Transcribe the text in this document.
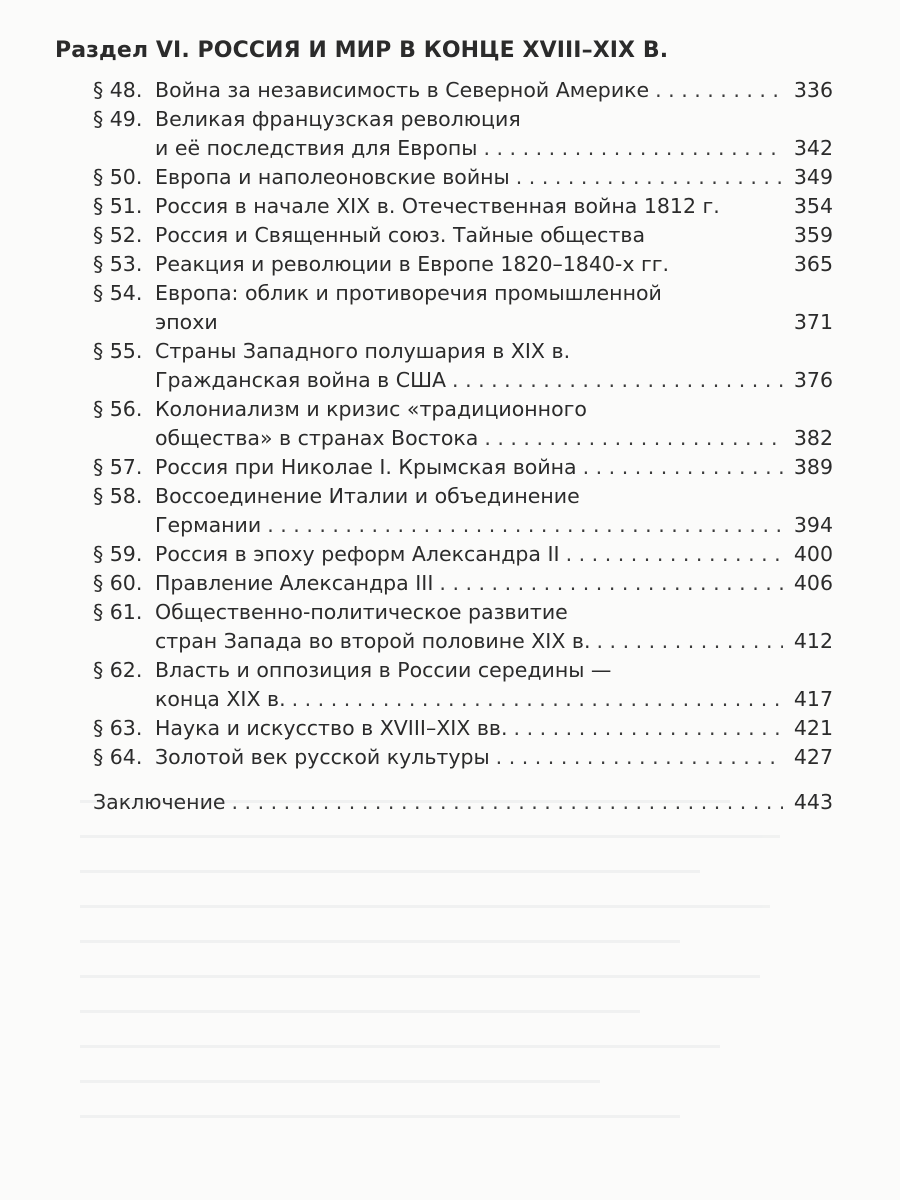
Раздел VI. РОССИЯ И МИР В КОНЦЕ XVIII–XIX В.
§ 48. Война за независимость в Северной Америке . . .	336
§ 49. Великая французская революция
и её последствия для Европы . . .	342
§ 50. Европа и наполеоновские войны . . .	349
§ 51. Россия в начале XIX в. Отечественная война 1812 г.	354
§ 52. Россия и Священный союз. Тайные общества	359
§ 53. Реакция и революции в Европе 1820–1840-х гг.	365
§ 54. Европа: облик и противоречия промышленной
эпохи	371
§ 55. Страны Западного полушария в XIX в.
Гражданская война в США . . .	376
§ 56. Колониализм и кризис «традиционного
общества» в странах Востока . . .	382
§ 57. Россия при Николае I. Крымская война . . .	389
§ 58. Воссоединение Италии и объединение
Германии . . .	394
§ 59. Россия в эпоху реформ Александра II . . .	400
§ 60. Правление Александра III . . .	406
§ 61. Общественно-политическое развитие
стран Запада во второй половине XIX в. . . .	412
§ 62. Власть и оппозиция в России середины —
конца XIX в. . . .	417
§ 63. Наука и искусство в XVIII–XIX вв. . . .	421
§ 64. Золотой век русской культуры . . .	427
Заключение . . .	443
